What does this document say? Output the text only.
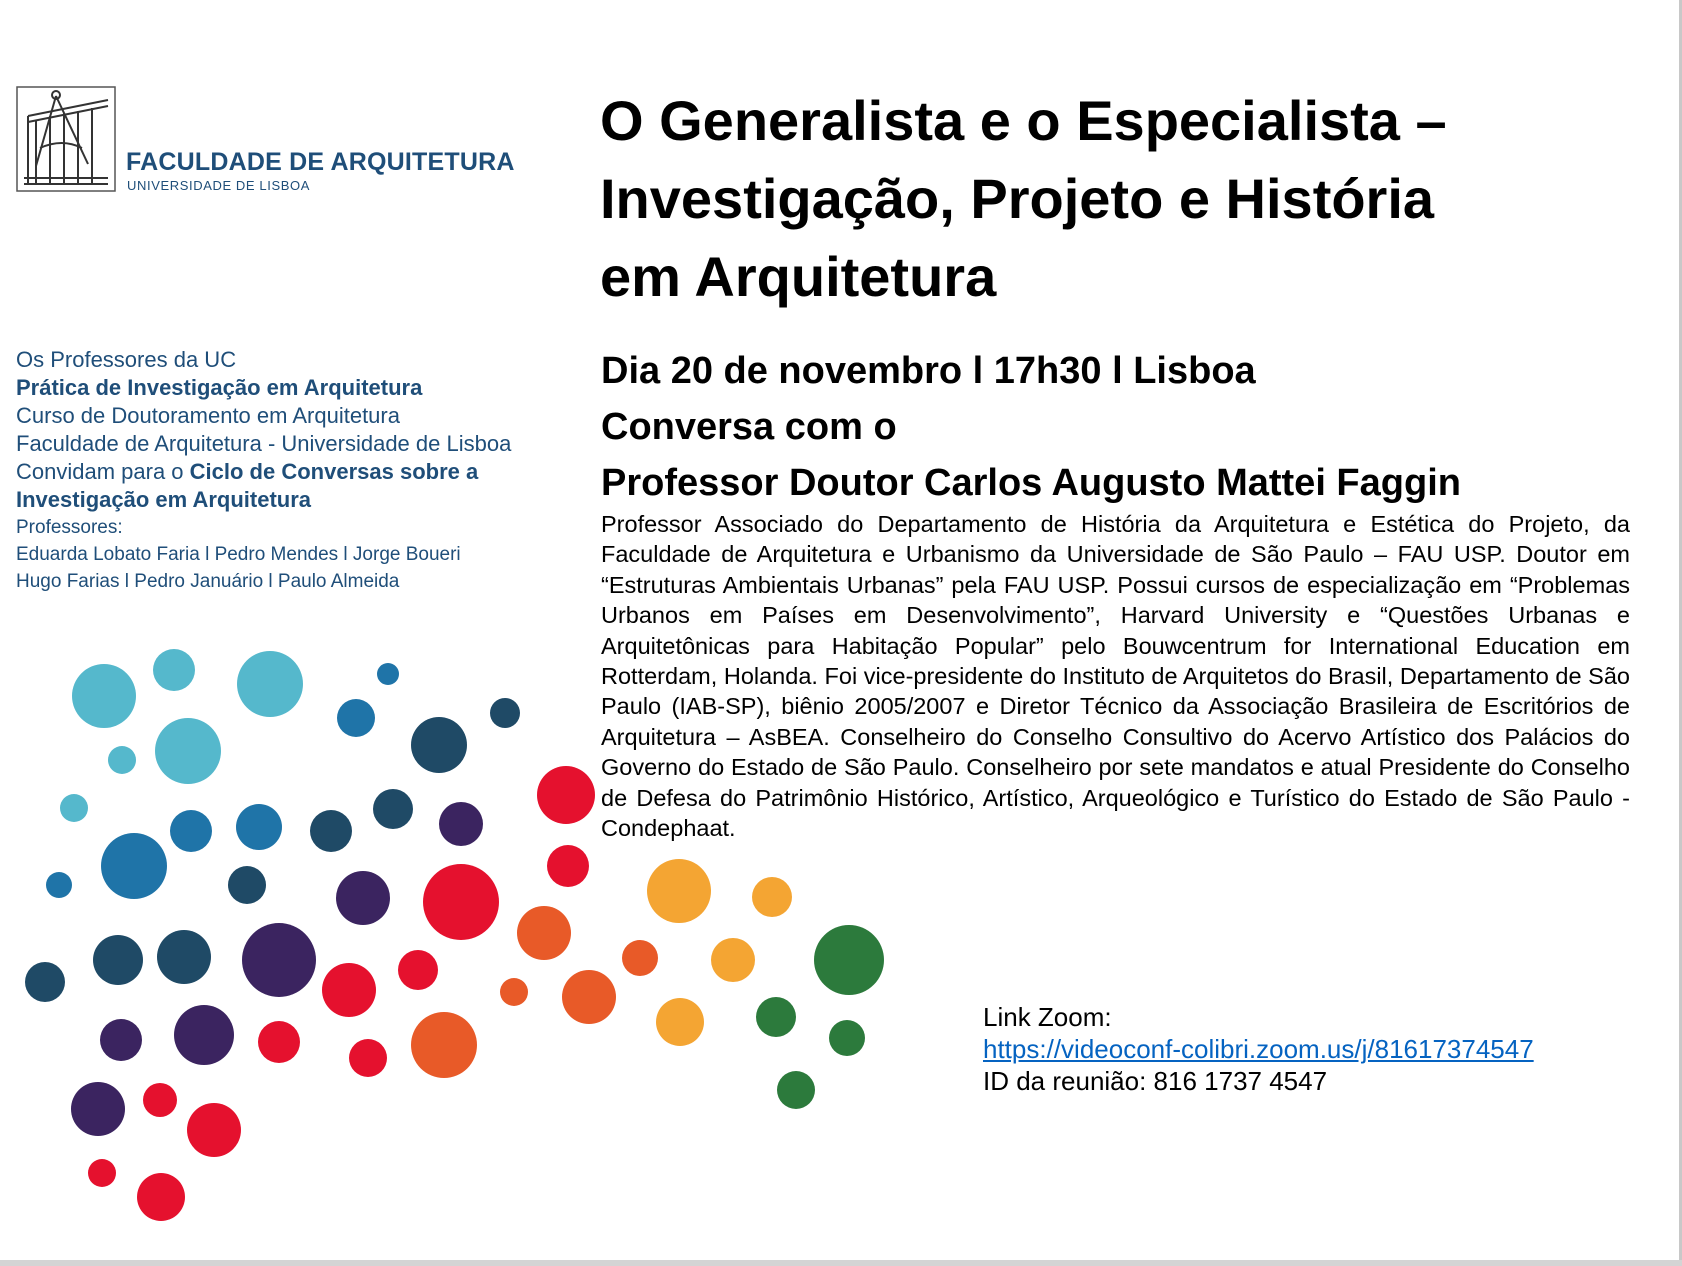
FACULDADE DE ARQUITETURA
UNIVERSIDADE DE LISBOA
Os Professores da UC
Prática de Investigação em Arquitetura
Curso de Doutoramento em Arquitetura
Faculdade de Arquitetura - Universidade de Lisboa
Convidam para o Ciclo de Conversas sobre a
Investigação em Arquitetura
Professores:
Eduarda Lobato Faria l Pedro Mendes l Jorge Boueri
Hugo Farias l Pedro Januário l Paulo Almeida
O Generalista e o Especialista –
Investigação, Projeto e História
em Arquitetura
Dia 20 de novembro l 17h30 l Lisboa
Conversa com o
Professor Doutor Carlos Augusto Mattei Faggin
Professor Associado do Departamento de História da Arquitetura e Estética do Projeto, da Faculdade de Arquitetura e Urbanismo da Universidade de São Paulo – FAU USP. Doutor em “Estruturas Ambientais Urbanas” pela FAU USP. Possui cursos de especialização em “Problemas Urbanos em Países em Desenvolvimento”, Harvard University e “Questões Urbanas e Arquitetônicas para Habitação Popular” pelo Bouwcentrum for International Education em Rotterdam, Holanda. Foi vice-presidente do Instituto de Arquitetos do Brasil, Departamento de São Paulo (IAB-SP), biênio 2005/2007 e Diretor Técnico da Associação Brasileira de Escritórios de Arquitetura – AsBEA. Conselheiro do Conselho Consultivo do Acervo Artístico dos Palácios do Governo do Estado de São Paulo. Conselheiro por sete mandatos e atual Presidente do Conselho de Defesa do Patrimônio Histórico, Artístico, Arqueológico e Turístico do Estado de São Paulo - Condephaat.
Link Zoom:
https://videoconf-colibri.zoom.us/j/81617374547
ID da reunião: 816 1737 4547
